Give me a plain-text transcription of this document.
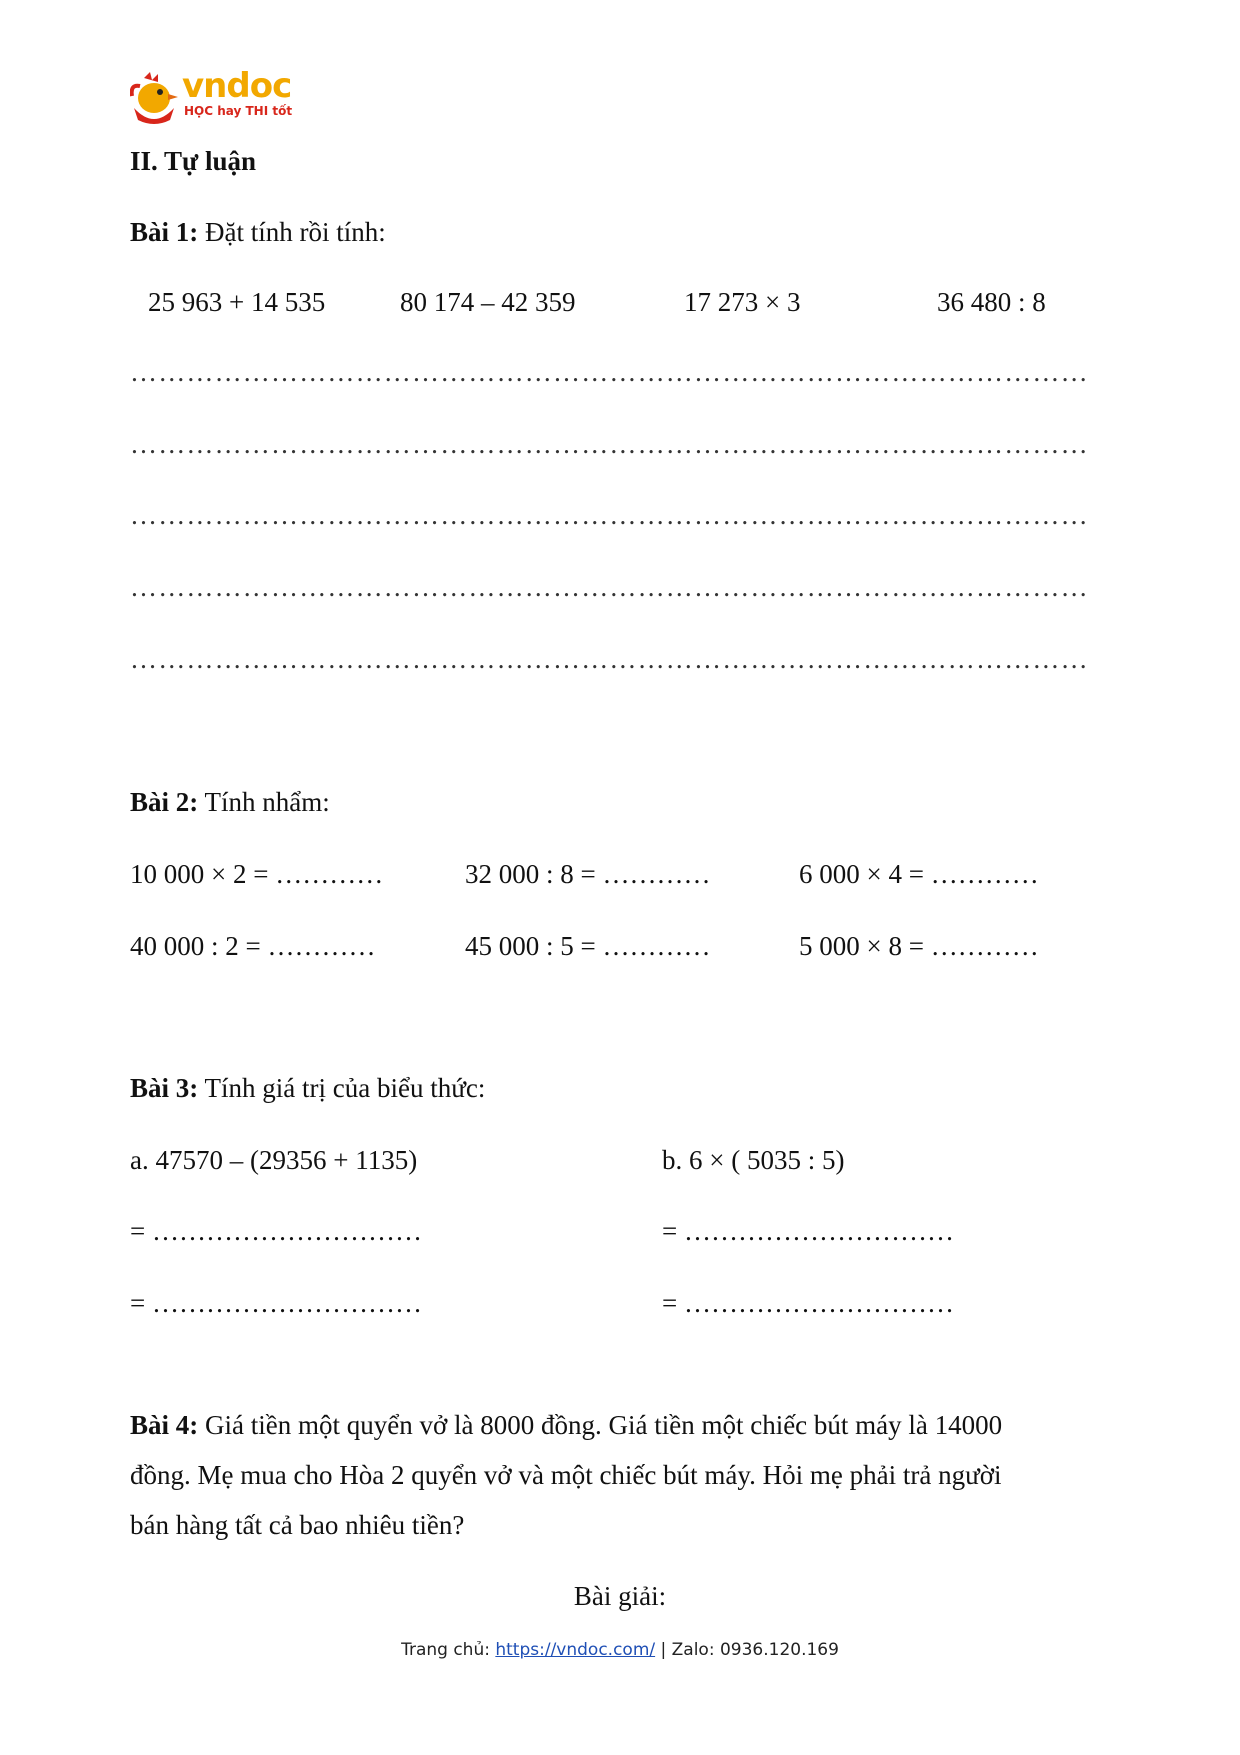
vndoc
HỌC hay THI tốt
II. Tự luận
Bài 1: Đặt tính rồi tính:
25 963 + 14 535	80 174 – 42 359	17 273 × 3	36 480 : 8
…………………………………………………………………………………………
…………………………………………………………………………………………
…………………………………………………………………………………………
…………………………………………………………………………………………
…………………………………………………………………………………………
Bài 2: Tính nhẩm:
10 000 × 2 = …………	32 000 : 8 = …………	6 000 × 4 = …………
40 000 : 2 = …………	45 000 : 5 = …………	5 000 × 8 = …………
Bài 3: Tính giá trị của biểu thức:
a. 47570 – (29356 + 1135)	b. 6 × ( 5035 : 5)
= …………………………	= …………………………
= …………………………	= …………………………
Bài 4: Giá tiền một quyển vở là 8000 đồng. Giá tiền một chiếc bút máy là 14000
đồng. Mẹ mua cho Hòa 2 quyển vở và một chiếc bút máy. Hỏi mẹ phải trả người
bán hàng tất cả bao nhiêu tiền?
Bài giải:
Trang chủ: https://vndoc.com/ | Zalo: 0936.120.169
